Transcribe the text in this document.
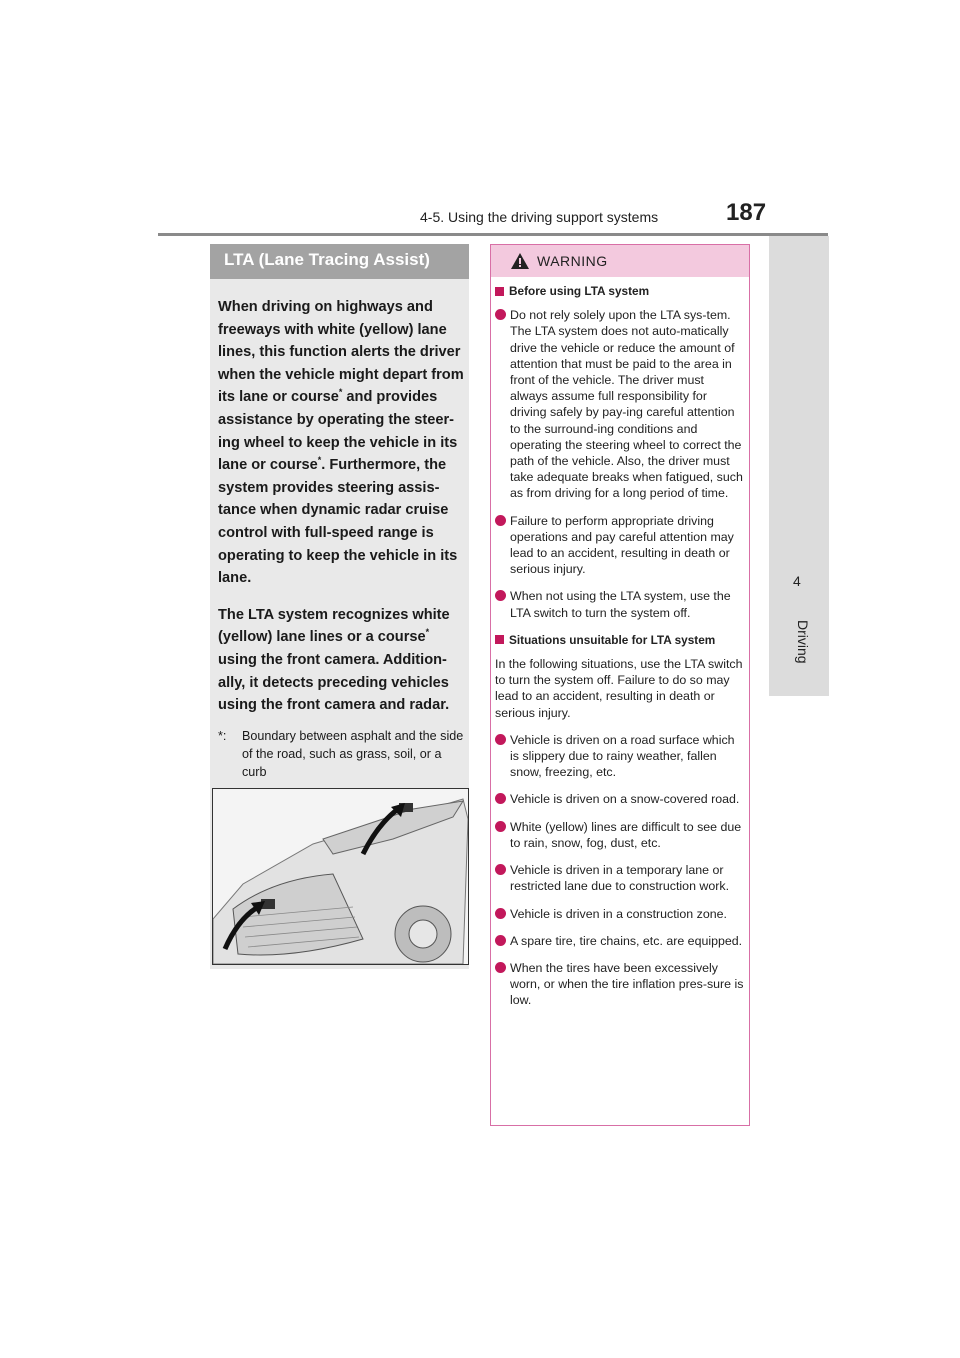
4-5. Using the driving support systems	187
4
Driving
LTA (Lane Tracing Assist)

When driving on highways and freeways with white (yellow) lane lines, this function alerts the driver when the vehicle might depart from its lane or course* and provides assistance by operating the steer-ing wheel to keep the vehicle in its lane or course*. Furthermore, the system provides steering assis-tance when dynamic radar cruise control with full-speed range is operating to keep the vehicle in its lane.

The LTA system recognizes white (yellow) lane lines or a course* using the front camera. Addition-ally, it detects preceding vehicles using the front camera and radar.

*:	Boundary between asphalt and the side of the road, such as grass, soil, or a curb
WARNING
Before using LTA system
Do not rely solely upon the LTA sys-tem. The LTA system does not auto-matically drive the vehicle or reduce the amount of attention that must be paid to the area in front of the vehicle. The driver must always assume full responsibility for driving safely by pay-ing careful attention to the surround-ing conditions and operating the steering wheel to correct the path of the vehicle. Also, the driver must take adequate breaks when fatigued, such as from driving for a long period of time.
Failure to perform appropriate driving operations and pay careful attention may lead to an accident, resulting in death or serious injury.
When not using the LTA system, use the LTA switch to turn the system off.
Situations unsuitable for LTA system
In the following situations, use the LTA switch to turn the system off. Failure to do so may lead to an accident, resulting in death or serious injury.
Vehicle is driven on a road surface which is slippery due to rainy weather, fallen snow, freezing, etc.
Vehicle is driven on a snow-covered road.
White (yellow) lines are difficult to see due to rain, snow, fog, dust, etc.
Vehicle is driven in a temporary lane or restricted lane due to construction work.
Vehicle is driven in a construction zone.
A spare tire, tire chains, etc. are equipped.
When the tires have been excessively worn, or when the tire inflation pres-sure is low.
